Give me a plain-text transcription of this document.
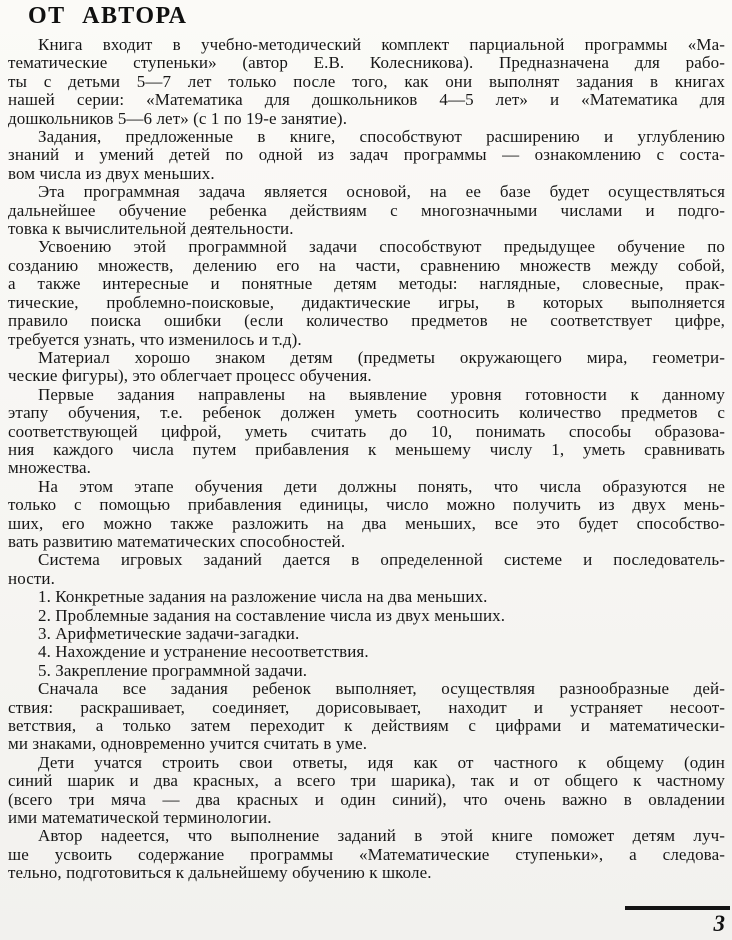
ОТ АВТОРА
Книга входит в учебно-методический комплект парциальной программы «Ма-
тематические ступеньки» (автор Е.В. Колесникова). Предназначена для рабо-
ты с детьми 5—7 лет только после того, как они выполнят задания в книгах
нашей серии: «Математика для дошкольников 4—5 лет» и «Математика для
дошкольников 5—6 лет» (с 1 по 19-е занятие).
Задания, предложенные в книге, способствуют расширению и углублению
знаний и умений детей по одной из задач программы — ознакомлению с соста-
вом числа из двух меньших.
Эта программная задача является основой, на ее базе будет осуществляться
дальнейшее обучение ребенка действиям с многозначными числами и подго-
товка к вычислительной деятельности.
Усвоению этой программной задачи способствуют предыдущее обучение по
созданию множеств, делению его на части, сравнению множеств между собой,
а также интересные и понятные детям методы: наглядные, словесные, прак-
тические, проблемно-поисковые, дидактические игры, в которых выполняется
правило поиска ошибки (если количество предметов не соответствует цифре,
требуется узнать, что изменилось и т.д).
Материал хорошо знаком детям (предметы окружающего мира, геометри-
ческие фигуры), это облегчает процесс обучения.
Первые задания направлены на выявление уровня готовности к данному
этапу обучения, т.е. ребенок должен уметь соотносить количество предметов с
соответствующей цифрой, уметь считать до 10, понимать способы образова-
ния каждого числа путем прибавления к меньшему числу 1, уметь сравнивать
множества.
На этом этапе обучения дети должны понять, что числа образуются не
только с помощью прибавления единицы, число можно получить из двух мень-
ших, его можно также разложить на два меньших, все это будет способство-
вать развитию математических способностей.
Система игровых заданий дается в определенной системе и последователь-
ности.
1. Конкретные задания на разложение числа на два меньших.
2. Проблемные задания на составление числа из двух меньших.
3. Арифметические задачи-загадки.
4. Нахождение и устранение несоответствия.
5. Закрепление программной задачи.
Сначала все задания ребенок выполняет, осуществляя разнообразные дей-
ствия: раскрашивает, соединяет, дорисовывает, находит и устраняет несоот-
ветствия, а только затем переходит к действиям с цифрами и математически-
ми знаками, одновременно учится считать в уме.
Дети учатся строить свои ответы, идя как от частного к общему (один
синий шарик и два красных, а всего три шарика), так и от общего к частному
(всего три мяча — два красных и один синий), что очень важно в овладении
ими математической терминологии.
Автор надеется, что выполнение заданий в этой книге поможет детям луч-
ше усвоить содержание программы «Математические ступеньки», а следова-
тельно, подготовиться к дальнейшему обучению к школе.
3
